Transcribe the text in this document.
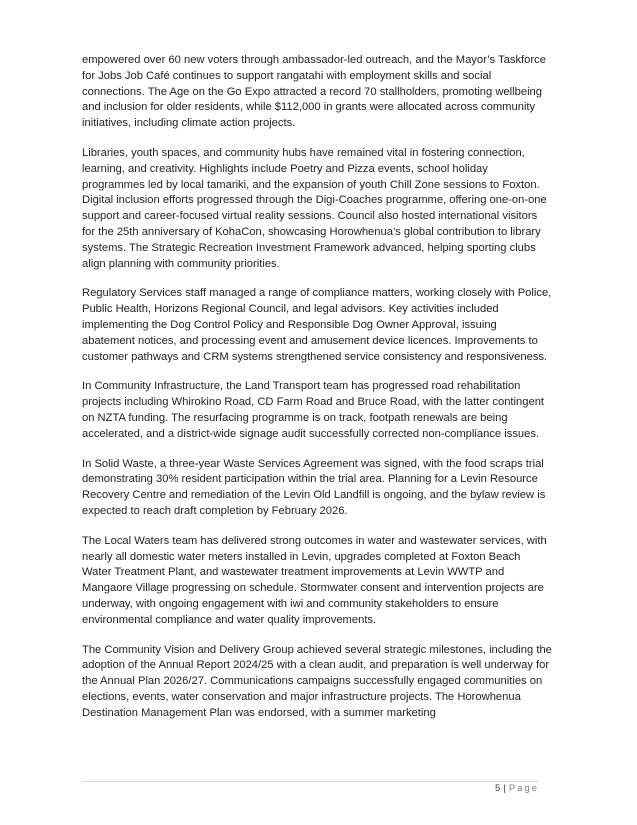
empowered over 60 new voters through ambassador-led outreach, and the Mayor’s Taskforce for Jobs Job Café continues to support rangatahi with employment skills and social connections. The Age on the Go Expo attracted a record 70 stallholders, promoting wellbeing and inclusion for older residents, while $112,000 in grants were allocated across community initiatives, including climate action projects.

Libraries, youth spaces, and community hubs have remained vital in fostering connection, learning, and creativity. Highlights include Poetry and Pizza events, school holiday programmes led by local tamariki, and the expansion of youth Chill Zone sessions to Foxton. Digital inclusion efforts progressed through the Digi-Coaches programme, offering one-on-one support and career-focused virtual reality sessions. Council also hosted international visitors for the 25th anniversary of KohaCon, showcasing Horowhenua’s global contribution to library systems. The Strategic Recreation Investment Framework advanced, helping sporting clubs align planning with community priorities.

Regulatory Services staff managed a range of compliance matters, working closely with Police, Public Health, Horizons Regional Council, and legal advisors. Key activities included implementing the Dog Control Policy and Responsible Dog Owner Approval, issuing abatement notices, and processing event and amusement device licences. Improvements to customer pathways and CRM systems strengthened service consistency and responsiveness.

In Community Infrastructure, the Land Transport team has progressed road rehabilitation projects including Whirokino Road, CD Farm Road and Bruce Road, with the latter contingent on NZTA funding. The resurfacing programme is on track, footpath renewals are being accelerated, and a district-wide signage audit successfully corrected non-compliance issues.

In Solid Waste, a three-year Waste Services Agreement was signed, with the food scraps trial demonstrating 30% resident participation within the trial area. Planning for a Levin Resource Recovery Centre and remediation of the Levin Old Landfill is ongoing, and the bylaw review is expected to reach draft completion by February 2026.

The Local Waters team has delivered strong outcomes in water and wastewater services, with nearly all domestic water meters installed in Levin, upgrades completed at Foxton Beach Water Treatment Plant, and wastewater treatment improvements at Levin WWTP and Mangaore Village progressing on schedule. Stormwater consent and intervention projects are underway, with ongoing engagement with iwi and community stakeholders to ensure environmental compliance and water quality improvements.

The Community Vision and Delivery Group achieved several strategic milestones, including the adoption of the Annual Report 2024/25 with a clean audit, and preparation is well underway for the Annual Plan 2026/27. Communications campaigns successfully engaged communities on elections, events, water conservation and major infrastructure projects. The Horowhenua Destination Management Plan was endorsed, with a summer marketing

5 | Page
